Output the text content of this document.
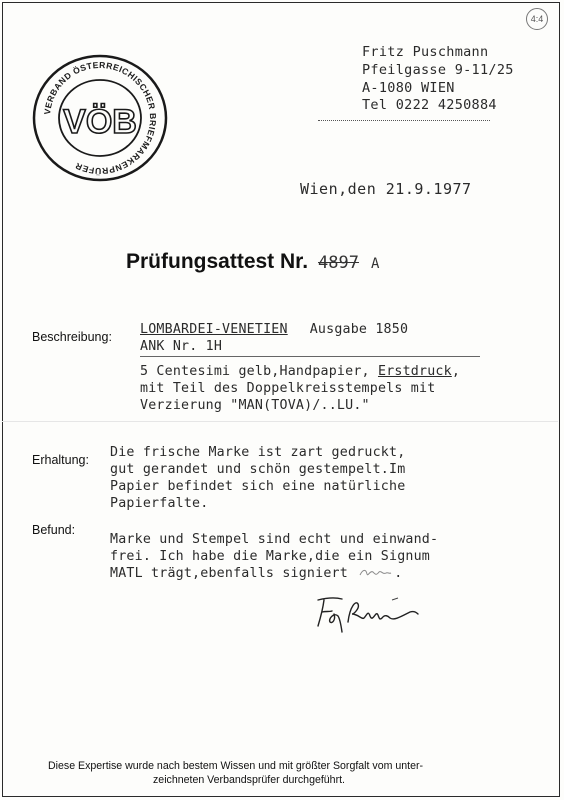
4:4
VERBAND ÖSTERREICHISCHER BRIEFMARKENPRÜFER
VÖB
Fritz Puschmann
Pfeilgasse 9-11/25
A-1080 WIEN
Tel 0222 4250884
Wien,den 21.9.1977
Prüfungsattest Nr. 4897 A
Beschreibung: LOMBARDEI-VENETIEN Ausgabe 1850
ANK Nr. 1H
5 Centesimi gelb,Handpapier, Erstdruck,
mit Teil des Doppelkreisstempels mit
Verzierung "MAN(TOVA)/..LU."
Erhaltung: Die frische Marke ist zart gedruckt,
gut gerandet und schön gestempelt.Im
Papier befindet sich eine natürliche
Papierfalte.
Befund:
Marke und Stempel sind echt und einwand-
frei. Ich habe die Marke,die ein Signum
MATL trägt,ebenfalls signiert	.
Diese Expertise wurde nach bestem Wissen und mit größter Sorgfalt vom unter-
zeichneten Verbandsprüfer durchgeführt.
